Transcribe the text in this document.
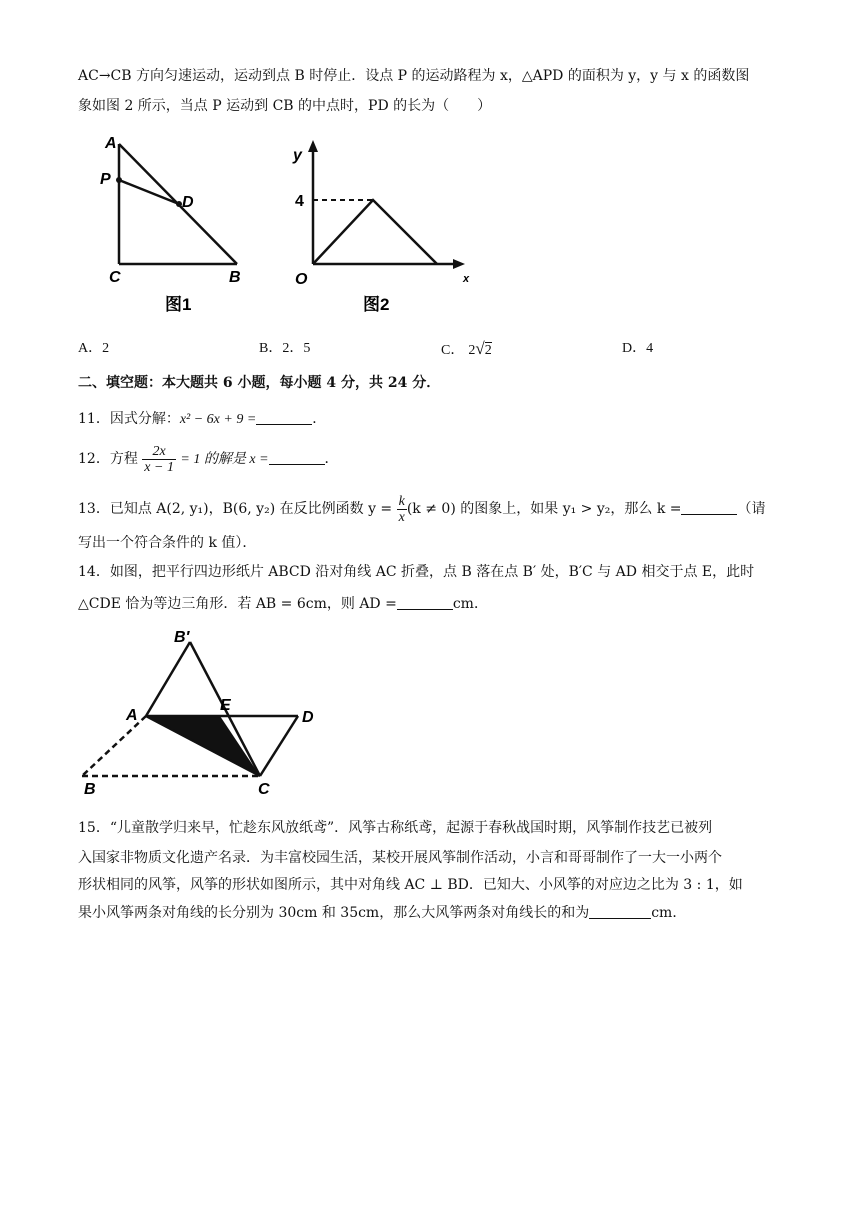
AC→CB 方向匀速运动，运动到点 B 时停止．设点 P 的运动路程为 x，△APD 的面积为 y，y 与 x 的函数图
象如图 2 所示，当点 P 运动到 CB 的中点时，PD 的长为（　　）
A
P
D
C	B
图1
y
4
O	x
图2
A．2	B．2．5	C． 2√2	D．4
二、填空题：本大题共 6 小题，每小题 4 分，共 24 分．
11．因式分解：x² − 6x + 9 =	．
12．方程 $\frac{2x}{x - 1} = 1$ 的解是 x =	．
13．已知点 A(2, y₁)，B(6, y₂) 在反比例函数 $y = \frac{k}{x} (k \ne 0)$ 的图象上，如果 y₁ > y₂，那么 k =	（请
写出一个符合条件的 k 值）．
14．如图，把平行四边形纸片 ABCD 沿对角线 AC 折叠，点 B 落在点 B′ 处，B′C 与 AD 相交于点 E，此时
△CDE 恰为等边三角形．若 AB = 6cm，则 AD =	cm．
B′
A
E
D
B	C
15．“儿童散学归来早，忙趁东风放纸鸢”．风筝古称纸鸢，起源于春秋战国时期，风筝制作技艺已被列
入国家非物质文化遗产名录．为丰富校园生活，某校开展风筝制作活动，小言和哥哥制作了一大一小两个
形状相同的风筝，风筝的形状如图所示，其中对角线 AC ⊥ BD．已知大、小风筝的对应边之比为 3 : 1，如
果小风筝两条对角线的长分别为 30cm 和 35cm，那么大风筝两条对角线长的和为	cm．
